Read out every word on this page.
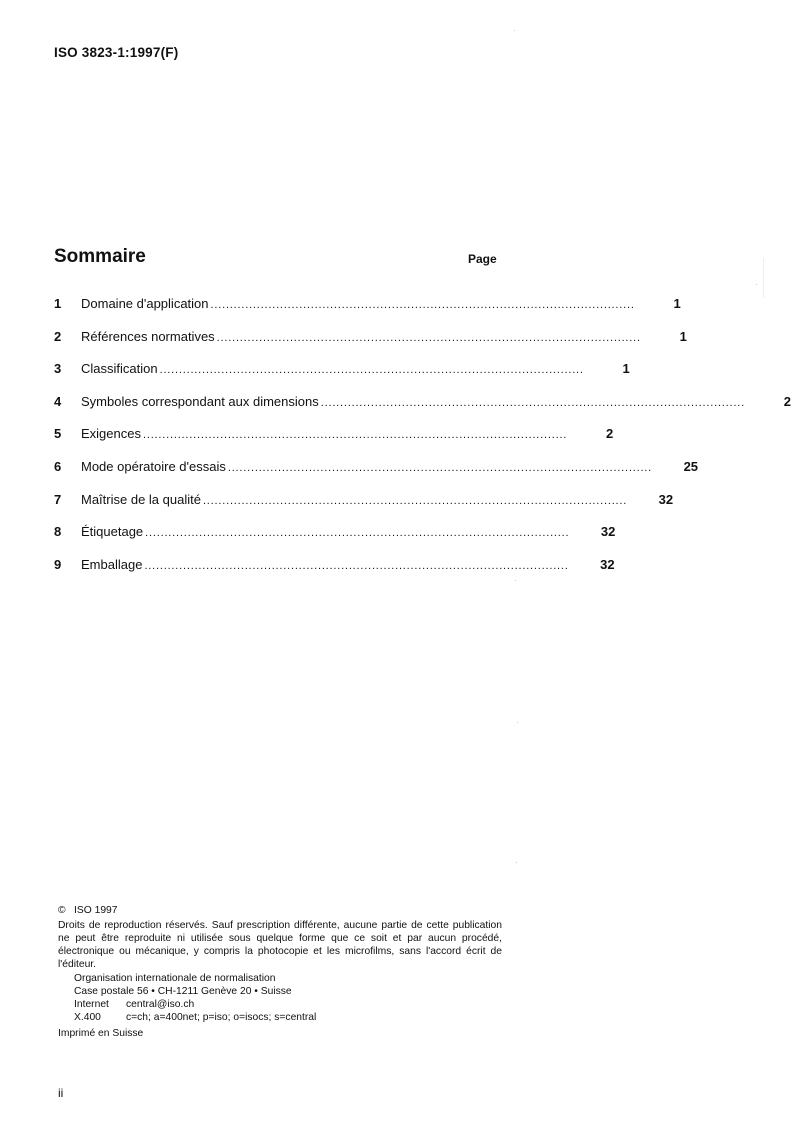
ISO 3823-1:1997(F)
Sommaire	Page
1	Domaine d'application ..............................................................................................................	1
2	Références normatives ..............................................................................................................	1
3	Classification ..............................................................................................................	1
4	Symboles correspondant aux dimensions ..............................................................................................................	2
5	Exigences ..............................................................................................................	2
6	Mode opératoire d'essais ..............................................................................................................	25
7	Maîtrise de la qualité ..............................................................................................................	32
8	Étiquetage ..............................................................................................................	32
9	Emballage ..............................................................................................................	32
© ISO 1997
Droits de reproduction réservés. Sauf prescription différente, aucune partie de cette publication ne peut être reproduite ni utilisée sous quelque forme que ce soit et par aucun procédé, électronique ou mécanique, y compris la photocopie et les microfilms, sans l'accord écrit de l'éditeur.
Organisation internationale de normalisation
Case postale 56 • CH-1211 Genève 20 • Suisse
Internet	central@iso.ch
X.400	c=ch; a=400net; p=iso; o=isocs; s=central
Imprimé en Suisse
ii
